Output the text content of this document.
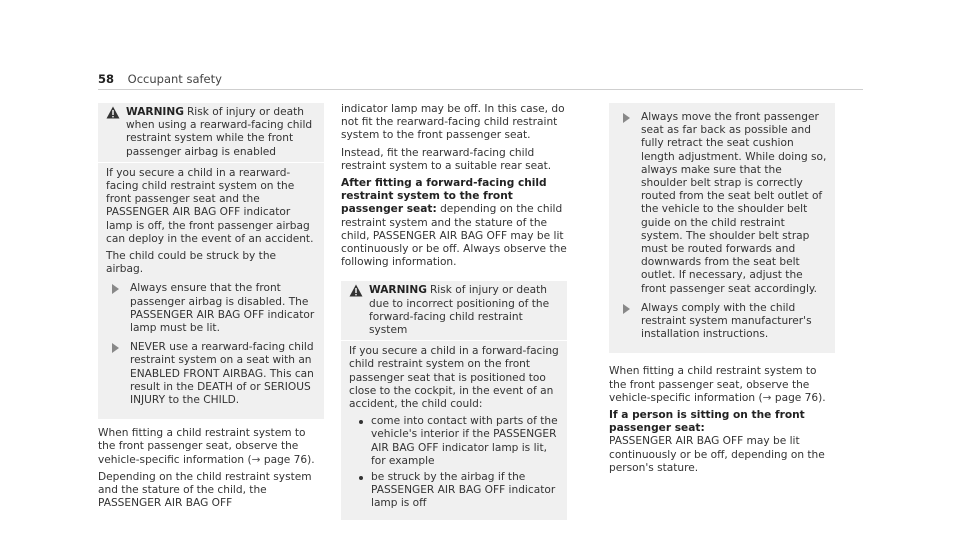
58 Occupant safety
WARNING Risk of injury or death when using a rearward-facing child restraint system while the front passenger airbag is enabled

If you secure a child in a rearward-facing child restraint system on the front passenger seat and the PASSENGER AIR BAG OFF indicator lamp is off, the front passenger airbag can deploy in the event of an accident.

The child could be struck by the airbag.

Always ensure that the front passenger airbag is disabled. The PASSENGER AIR BAG OFF indicator lamp must be lit.
NEVER use a rearward-facing child restraint system on a seat with an ENABLED FRONT AIRBAG. This can result in the DEATH of or SERIOUS INJURY to the CHILD.

When fitting a child restraint system to the front passenger seat, observe the vehicle-specific information (→ page 76).

Depending on the child restraint system and the stature of the child, the PASSENGER AIR BAG OFF

indicator lamp may be off. In this case, do not fit the rearward-facing child restraint system to the front passenger seat.

Instead, fit the rearward-facing child restraint system to a suitable rear seat.

After fitting a forward-facing child restraint system to the front passenger seat: depending on the child restraint system and the stature of the child, PASSENGER AIR BAG OFF may be lit continuously or be off. Always observe the following information.

WARNING Risk of injury or death due to incorrect positioning of the forward-facing child restraint system

If you secure a child in a forward-facing child restraint system on the front passenger seat that is positioned too close to the cockpit, in the event of an accident, the child could:

come into contact with parts of the vehicle's interior if the PASSENGER AIR BAG OFF indicator lamp is lit, for example
be struck by the airbag if the PASSENGER AIR BAG OFF indicator lamp is off
Always move the front passenger seat as far back as possible and fully retract the seat cushion length adjustment. While doing so, always make sure that the shoulder belt strap is correctly routed from the seat belt outlet of the vehicle to the shoulder belt guide on the child restraint system. The shoulder belt strap must be routed forwards and downwards from the seat belt outlet. If necessary, adjust the front passenger seat accordingly.
Always comply with the child restraint system manufacturer's installation instructions.

When fitting a child restraint system to the front passenger seat, observe the vehicle-specific information (→ page 76).

If a person is sitting on the front passenger seat:
PASSENGER AIR BAG OFF may be lit continuously or be off, depending on the person's stature.
